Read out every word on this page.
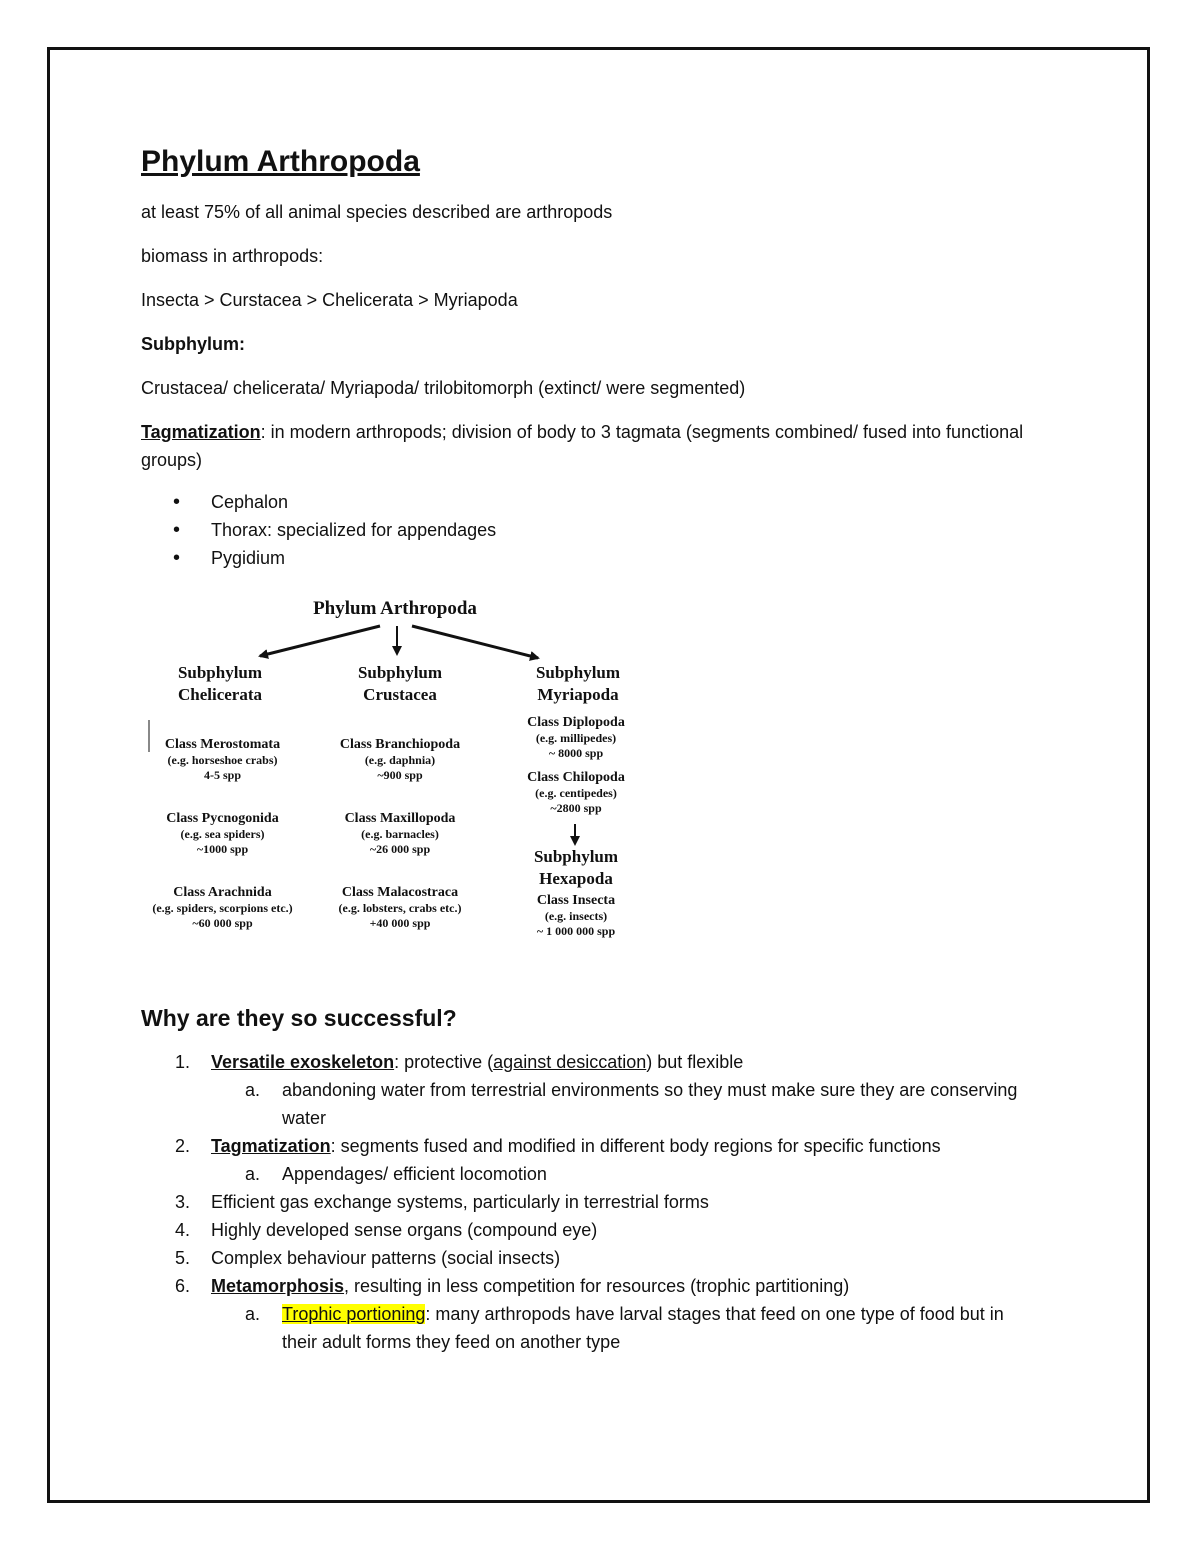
Phylum Arthropoda

at least 75% of all animal species described are arthropods

biomass in arthropods:

Insecta > Curstacea > Chelicerata > Myriapoda

Subphylum:

Crustacea/ chelicerata/ Myriapoda/ trilobitomorph (extinct/ were segmented)

Tagmatization: in modern arthropods; division of body to 3 tagmata (segments combined/ fused into functional groups)

• Cephalon
• Thorax: specialized for appendages
• Pygidium
Phylum Arthropoda
Subphylum
Chelicerata
Subphylum
Crustacea
Subphylum
Myriapoda
Class Merostomata
(e.g. horseshoe crabs)
4-5 spp
Class Pycnogonida
(e.g. sea spiders)
~1000 spp
Class Arachnida
(e.g. spiders, scorpions etc.)
~60 000 spp
Class Branchiopoda
(e.g. daphnia)
~900 spp
Class Maxillopoda
(e.g. barnacles)
~26 000 spp
Class Malacostraca
(e.g. lobsters, crabs etc.)
+40 000 spp
Class Diplopoda
(e.g. millipedes)
~ 8000 spp
Class Chilopoda
(e.g. centipedes)
~2800 spp
Subphylum
Hexapoda
Class Insecta
(e.g. insects)
~ 1 000 000 spp
Why are they so successful?
1. Versatile exoskeleton: protective (against desiccation) but flexible
a. abandoning water from terrestrial environments so they must make sure they are conserving water
2. Tagmatization: segments fused and modified in different body regions for specific functions
a. Appendages/ efficient locomotion
3. Efficient gas exchange systems, particularly in terrestrial forms
4. Highly developed sense organs (compound eye)
5. Complex behaviour patterns (social insects)
6. Metamorphosis, resulting in less competition for resources (trophic partitioning)
a. Trophic portioning: many arthropods have larval stages that feed on one type of food but in their adult forms they feed on another type
